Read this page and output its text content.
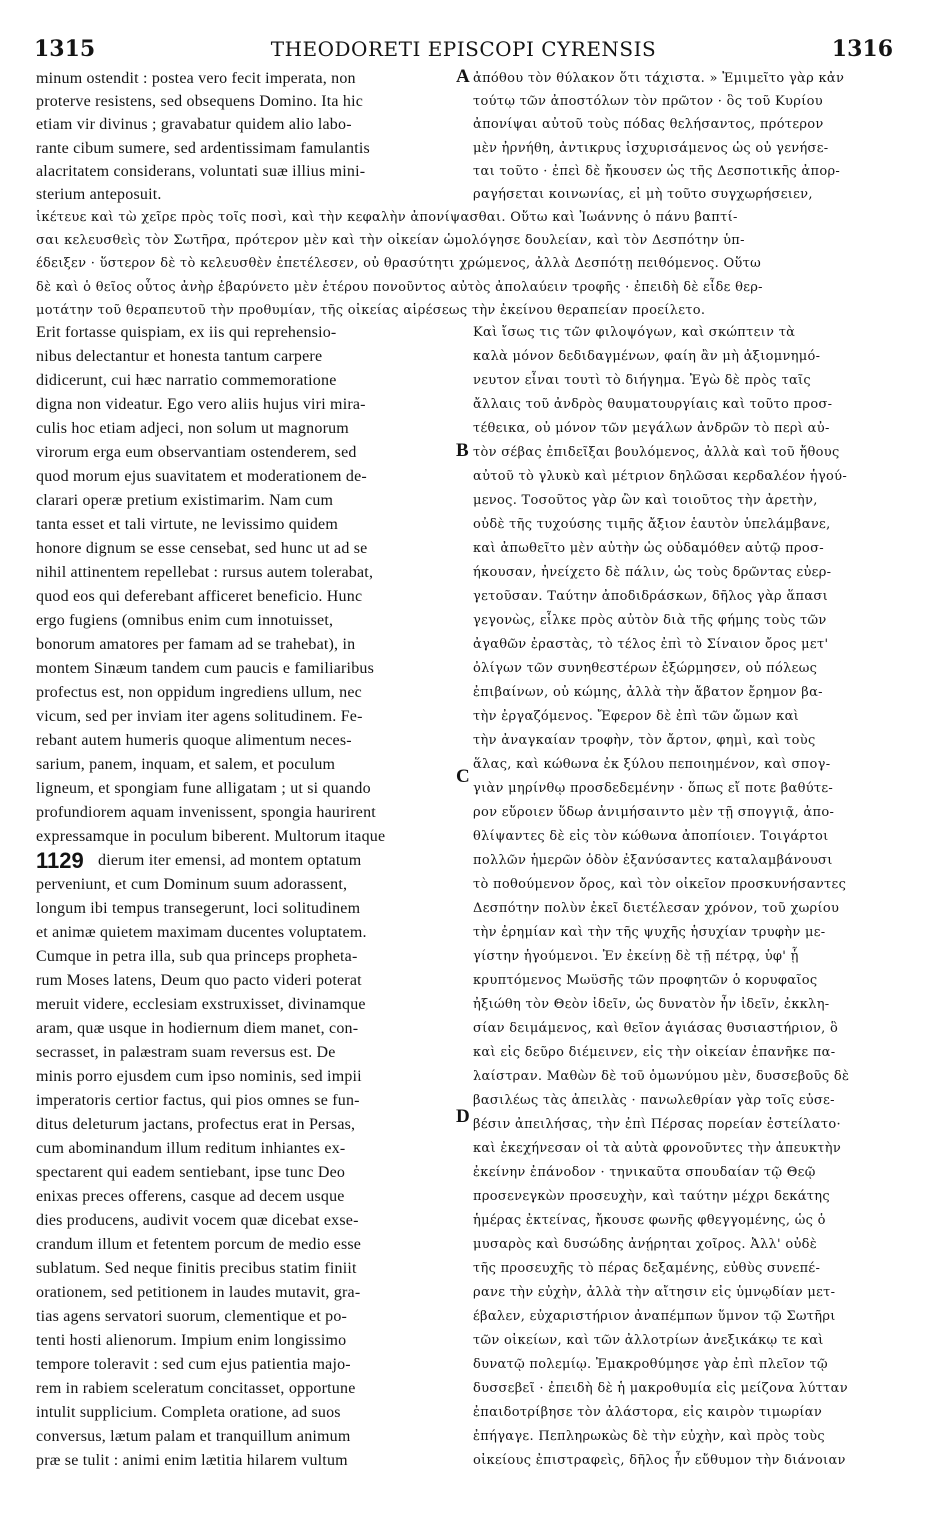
1315	THEODORETI EPISCOPI CYRENSIS	1316
minum ostendit : postea vero fecit imperata, non
proterve resistens, sed obsequens Domino. Ita hic
etiam vir divinus ; gravabatur quidem alio labo-
rante cibum sumere, sed ardentissimam famulantis
alacritatem considerans, voluntati suæ illius mini-
sterium anteposuit.
ἀπόθου τὸν θύλακον ὅτι τάχιστα. » Ἐμιμεῖτο γὰρ κἀν
τούτῳ τῶν ἀποστόλων τὸν πρῶτον · ὃς τοῦ Κυρίου
ἀπονίψαι αὐτοῦ τοὺς πόδας θελήσαντος, πρότερον
μὲν ἠρνήθη, ἀντικρυς ἰσχυρισάμενος ὡς οὐ γενήσε-
ται τοῦτο · ἐπεὶ δὲ ἤκουσεν ὡς τῆς Δεσποτικῆς ἀπορ-
ραγήσεται κοινωνίας, εἰ μὴ τοῦτο συγχωρήσειεν,
ἱκέτευε καὶ τὼ χεῖρε πρὸς τοῖς ποσὶ, καὶ τὴν κεφαλὴν ἀπονίψασθαι. Οὕτω καὶ Ἰωάννης ὁ πάνυ βαπτί-
σαι κελευσθεὶς τὸν Σωτῆρα, πρότερον μὲν καὶ τὴν οἰκείαν ὡμολόγησε δουλείαν, καὶ τὸν Δεσπότην ὑπ-
έδειξεν · ὕστερον δὲ τὸ κελευσθὲν ἐπετέλεσεν, οὐ θρασύτητι χρώμενος, ἀλλὰ Δεσπότῃ πειθόμενος. Οὕτω
δὲ καὶ ὁ θεῖος οὗτος ἀνὴρ ἐβαρύνετο μὲν ἑτέρου πονοῦντος αὐτὸς ἀπολαύειν τροφῆς · ἐπειδὴ δὲ εἶδε θερ-
μοτάτην τοῦ θεραπευτοῦ τὴν προθυμίαν, τῆς οἰκείας αἱρέσεως τὴν ἐκείνου θεραπείαν προείλετο.
Erit fortasse quispiam, ex iis qui reprehensio-
nibus delectantur et honesta tantum carpere
didicerunt, cui hæc narratio commemoratione
digna non videatur. Ego vero aliis hujus viri mira-
culis hoc etiam adjeci, non solum ut magnorum
virorum erga eum observantiam ostenderem, sed
quod morum ejus suavitatem et moderationem de-
clarari operæ pretium existimarim. Nam cum
tanta esset et tali virtute, ne levissimo quidem
honore dignum se esse censebat, sed hunc ut ad se
nihil attinentem repellebat : rursus autem tolerabat,
quod eos qui deferebant afficeret beneficio. Hunc
ergo fugiens (omnibus enim cum innotuisset,
bonorum amatores per famam ad se trahebat), in
montem Sinæum tandem cum paucis e familiaribus
profectus est, non oppidum ingrediens ullum, nec
vicum, sed per inviam iter agens solitudinem. Fe-
rebant autem humeris quoque alimentum neces-
sarium, panem, inquam, et salem, et poculum
ligneum, et spongiam fune alligatam ; ut si quando
profundiorem aquam invenissent, spongia haurirent
expressamque in poculum biberent. Multorum itaque
dierum iter emensi, ad montem optatum
perveniunt, et cum Dominum suum adorassent,
longum ibi tempus transegerunt, loci solitudinem
et animæ quietem maximam ducentes voluptatem.
Cumque in petra illa, sub qua princeps propheta-
rum Moses latens, Deum quo pacto videri poterat
meruit videre, ecclesiam exstruxisset, divinamque
aram, quæ usque in hodiernum diem manet, con-
secrasset, in palæstram suam reversus est. De
minis porro ejusdem cum ipso nominis, sed impii
imperatoris certior factus, qui pios omnes se fun-
ditus deleturum jactans, profectus erat in Persas,
cum abominandum illum reditum inhiantes ex-
spectarent qui eadem sentiebant, ipse tunc Deo
enixas preces offerens, casque ad decem usque
dies producens, audivit vocem quæ dicebat exse-
crandum illum et fetentem porcum de medio esse
sublatum. Sed neque finitis precibus statim finiit
orationem, sed petitionem in laudes mutavit, gra-
tias agens servatori suorum, clementique et po-
tenti hosti alienorum. Impium enim longissimo
tempore toleravit : sed cum ejus patientia majo-
rem in rabiem sceleratum concitasset, opportune
intulit supplicium. Completa oratione, ad suos
conversus, lætum palam et tranquillum animum
præ se tulit : animi enim lætitia hilarem vultum
Καὶ ἴσως τις τῶν φιλοψόγων, καὶ σκώπτειν τὰ
καλὰ μόνον δεδιδαγμένων, φαίη ἂν μὴ ἀξιομνημό-
νευτον εἶναι τουτὶ τὸ διήγημα. Ἐγὼ δὲ πρὸς ταῖς
ἄλλαις τοῦ ἀνδρὸς θαυματουργίαις καὶ τοῦτο προσ-
τέθεικα, οὐ μόνον τῶν μεγάλων ἀνδρῶν τὸ περὶ αὐ-
τὸν σέβας ἐπιδεῖξαι βουλόμενος, ἀλλὰ καὶ τοῦ ἤθους
αὐτοῦ τὸ γλυκὺ καὶ μέτριον δηλῶσαι κερδαλέον ἡγού-
μενος. Τοσοῦτος γὰρ ὢν καὶ τοιοῦτος τὴν ἀρετὴν,
οὐδὲ τῆς τυχούσης τιμῆς ἄξιον ἑαυτὸν ὑπελάμβανε,
καὶ ἀπωθεῖτο μὲν αὐτὴν ὡς οὐδαμόθεν αὐτῷ προσ-
ήκουσαν, ἠνείχετο δὲ πάλιν, ὡς τοὺς δρῶντας εὐερ-
γετοῦσαν. Ταύτην ἀποδιδράσκων, δῆλος γὰρ ἅπασι
γεγονὼς, εἷλκε πρὸς αὐτὸν διὰ τῆς φήμης τοὺς τῶν
ἀγαθῶν ἐραστὰς, τὸ τέλος ἐπὶ τὸ Σίναιον ὄρος μετ'
ὀλίγων τῶν συνηθεστέρων ἐξώρμησεν, οὐ πόλεως
ἐπιβαίνων, οὐ κώμης, ἀλλὰ τὴν ἄβατον ἔρημον βα-
τὴν ἐργαζόμενος. Ἔφερον δὲ ἐπὶ τῶν ὤμων καὶ
τὴν ἀναγκαίαν τροφὴν, τὸν ἄρτον, φημὶ, καὶ τοὺς
ἅλας, καὶ κώθωνα ἐκ ξύλου πεποιημένον, καὶ σπογ-
γιὰν μηρίνθῳ προσδεδεμένην · ὅπως εἴ ποτε βαθύτε-
ρον εὕροιεν ὕδωρ ἀνιμήσαιντο μὲν τῇ σπογγιᾷ, ἀπο-
θλίψαντες δὲ εἰς τὸν κώθωνα ἀποπίοιεν. Τοιγάρτοι
πολλῶν ἡμερῶν ὁδὸν ἐξανύσαντες καταλαμβάνουσι
τὸ ποθούμενον ὄρος, καὶ τὸν οἰκεῖον προσκυνήσαντες
Δεσπότην πολὺν ἐκεῖ διετέλεσαν χρόνον, τοῦ χωρίου
τὴν ἐρημίαν καὶ τὴν τῆς ψυχῆς ἡσυχίαν τρυφὴν με-
γίστην ἡγούμενοι. Ἐν ἐκείνῃ δὲ τῇ πέτρᾳ, ὑφ' ᾗ
κρυπτόμενος Μωϋσῆς τῶν προφητῶν ὁ κορυφαῖος
ἠξιώθη τὸν Θεὸν ἰδεῖν, ὡς δυνατὸν ἦν ἰδεῖν, ἐκκλη-
σίαν δειμάμενος, καὶ θεῖον ἁγιάσας θυσιαστήριον, ὃ
καὶ εἰς δεῦρο διέμεινεν, εἰς τὴν οἰκείαν ἐπανῆκε πα-
λαίστραν. Μαθὼν δὲ τοῦ ὁμωνύμου μὲν, δυσσεβοῦς δὲ
βασιλέως τὰς ἀπειλὰς · πανωλεθρίαν γὰρ τοῖς εὐσε-
βέσιν ἀπειλήσας, τὴν ἐπὶ Πέρσας πορείαν ἐστείλατο·
καὶ ἐκεχήνεσαν οἱ τὰ αὐτὰ φρονοῦντες τὴν ἀπευκτὴν
ἐκείνην ἐπάνοδον · τηνικαῦτα σπουδαίαν τῷ Θεῷ
προσενεγκὼν προσευχὴν, καὶ ταύτην μέχρι δεκάτης
ἡμέρας ἐκτείνας, ἤκουσε φωνῆς φθεγγομένης, ὡς ὁ
μυσαρὸς καὶ δυσώδης ἀνῄρηται χοῖρος. Ἀλλ' οὐδὲ
τῆς προσευχῆς τὸ πέρας δεξαμένης, εὐθὺς συνεπέ-
ρανε τὴν εὐχὴν, ἀλλὰ τὴν αἴτησιν εἰς ὑμνῳδίαν μετ-
έβαλεν, εὐχαριστήριον ἀναπέμπων ὕμνον τῷ Σωτῆρι
τῶν οἰκείων, καὶ τῶν ἀλλοτρίων ἀνεξικάκῳ τε καὶ
δυνατῷ πολεμίῳ. Ἐμακροθύμησε γὰρ ἐπὶ πλεῖον τῷ
δυσσεβεῖ · ἐπειδὴ δὲ ἡ μακροθυμία εἰς μείζονα λύτταν
ἐπαιδοτρίβησε τὸν ἀλάστορα, εἰς καιρὸν τιμωρίαν
ἐπήγαγε. Πεπληρωκὼς δὲ τὴν εὐχὴν, καὶ πρὸς τοὺς
οἰκείους ἐπιστραφεὶς, δῆλος ἦν εὔθυμον τὴν διάνοιαν
A
B
C
D
1129
